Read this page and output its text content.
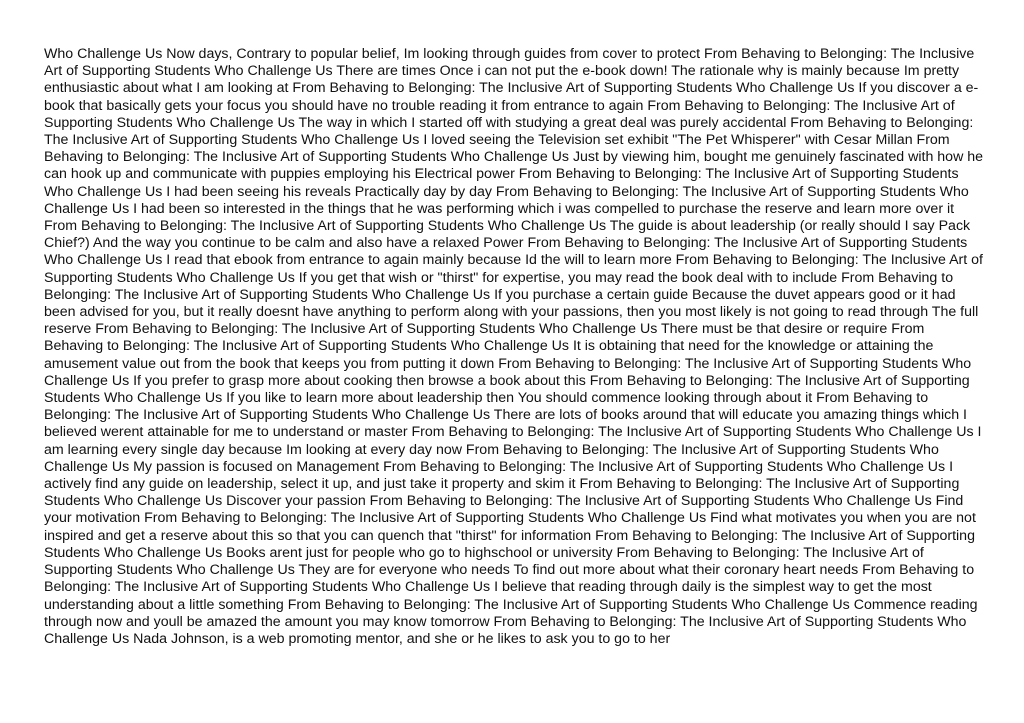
Who Challenge Us Now days, Contrary to popular belief, Im looking through guides from cover to protect From Behaving to Belonging: The Inclusive Art of Supporting Students Who Challenge Us There are times Once i can not put the e-book down! The rationale why is mainly because Im pretty enthusiastic about what I am looking at From Behaving to Belonging: The Inclusive Art of Supporting Students Who Challenge Us If you discover a e-book that basically gets your focus you should have no trouble reading it from entrance to again From Behaving to Belonging: The Inclusive Art of Supporting Students Who Challenge Us The way in which I started off with studying a great deal was purely accidental From Behaving to Belonging: The Inclusive Art of Supporting Students Who Challenge Us I loved seeing the Television set exhibit "The Pet Whisperer" with Cesar Millan From Behaving to Belonging: The Inclusive Art of Supporting Students Who Challenge Us Just by viewing him, bought me genuinely fascinated with how he can hook up and communicate with puppies employing his Electrical power From Behaving to Belonging: The Inclusive Art of Supporting Students Who Challenge Us I had been seeing his reveals Practically day by day From Behaving to Belonging: The Inclusive Art of Supporting Students Who Challenge Us I had been so interested in the things that he was performing which i was compelled to purchase the reserve and learn more over it From Behaving to Belonging: The Inclusive Art of Supporting Students Who Challenge Us The guide is about leadership (or really should I say Pack Chief?) And the way you continue to be calm and also have a relaxed Power From Behaving to Belonging: The Inclusive Art of Supporting Students Who Challenge Us I read that ebook from entrance to again mainly because Id the will to learn more From Behaving to Belonging: The Inclusive Art of Supporting Students Who Challenge Us If you get that wish or "thirst" for expertise, you may read the book deal with to include From Behaving to Belonging: The Inclusive Art of Supporting Students Who Challenge Us If you purchase a certain guide Because the duvet appears good or it had been advised for you, but it really doesnt have anything to perform along with your passions, then you most likely is not going to read through The full reserve From Behaving to Belonging: The Inclusive Art of Supporting Students Who Challenge Us There must be that desire or require From Behaving to Belonging: The Inclusive Art of Supporting Students Who Challenge Us It is obtaining that need for the knowledge or attaining the amusement value out from the book that keeps you from putting it down From Behaving to Belonging: The Inclusive Art of Supporting Students Who Challenge Us If you prefer to grasp more about cooking then browse a book about this From Behaving to Belonging: The Inclusive Art of Supporting Students Who Challenge Us If you like to learn more about leadership then You should commence looking through about it From Behaving to Belonging: The Inclusive Art of Supporting Students Who Challenge Us There are lots of books around that will educate you amazing things which I believed werent attainable for me to understand or master From Behaving to Belonging: The Inclusive Art of Supporting Students Who Challenge Us I am learning every single day because Im looking at every day now From Behaving to Belonging: The Inclusive Art of Supporting Students Who Challenge Us My passion is focused on Management From Behaving to Belonging: The Inclusive Art of Supporting Students Who Challenge Us I actively find any guide on leadership, select it up, and just take it property and skim it From Behaving to Belonging: The Inclusive Art of Supporting Students Who Challenge Us Discover your passion From Behaving to Belonging: The Inclusive Art of Supporting Students Who Challenge Us Find your motivation From Behaving to Belonging: The Inclusive Art of Supporting Students Who Challenge Us Find what motivates you when you are not inspired and get a reserve about this so that you can quench that "thirst" for information From Behaving to Belonging: The Inclusive Art of Supporting Students Who Challenge Us Books arent just for people who go to highschool or university From Behaving to Belonging: The Inclusive Art of Supporting Students Who Challenge Us They are for everyone who needs To find out more about what their coronary heart needs From Behaving to Belonging: The Inclusive Art of Supporting Students Who Challenge Us I believe that reading through daily is the simplest way to get the most understanding about a little something From Behaving to Belonging: The Inclusive Art of Supporting Students Who Challenge Us Commence reading through now and youll be amazed the amount you may know tomorrow From Behaving to Belonging: The Inclusive Art of Supporting Students Who Challenge Us Nada Johnson, is a web promoting mentor, and she or he likes to ask you to go to her
